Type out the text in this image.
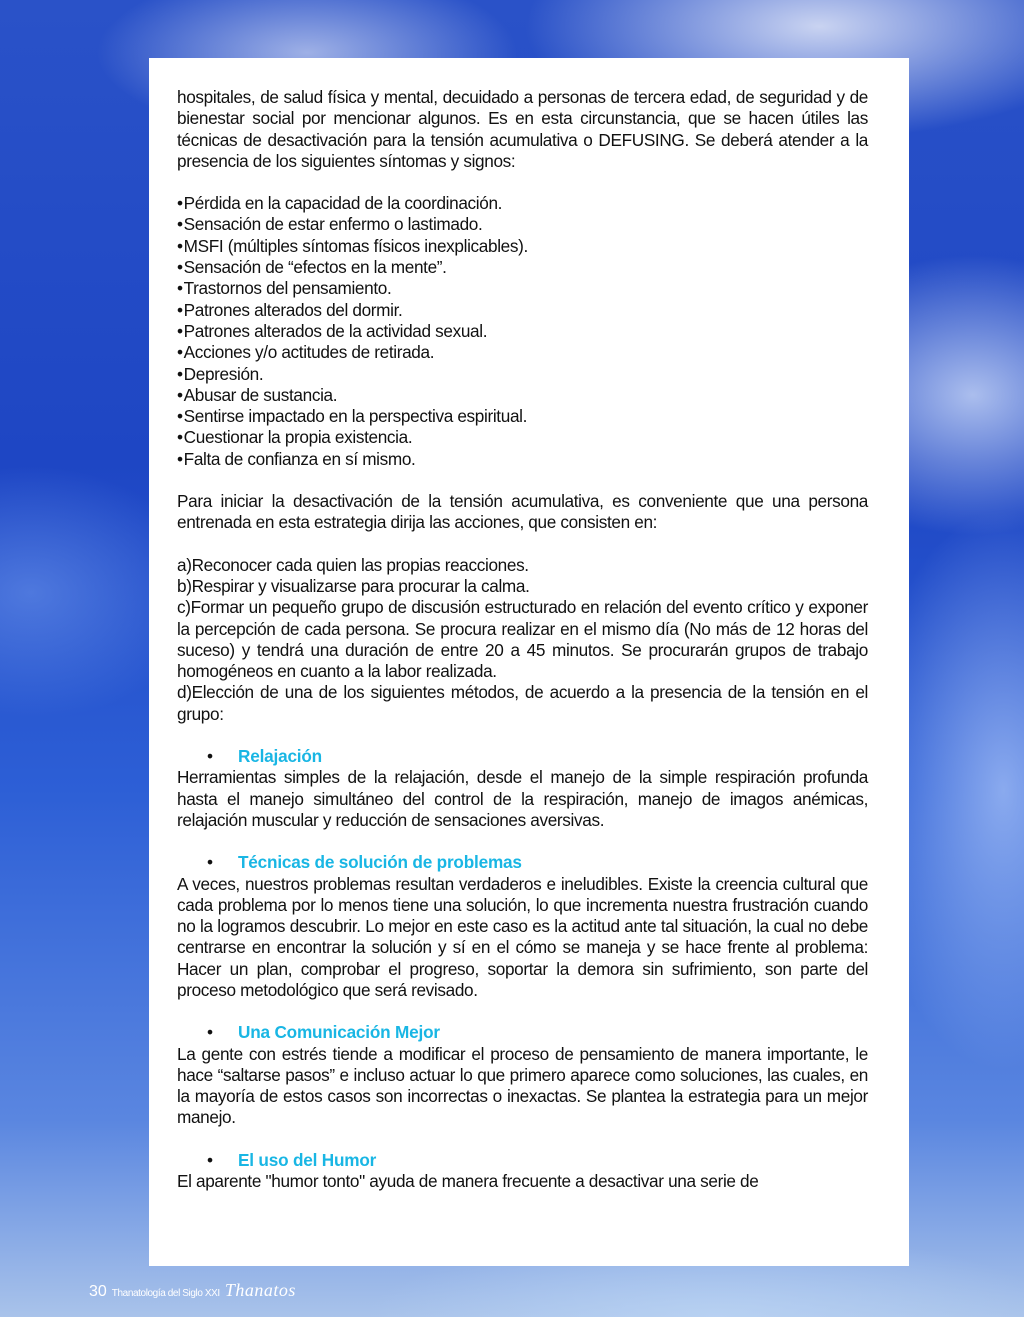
hospitales, de salud física y mental, decuidado a personas de tercera edad, de seguridad y de bienestar social por mencionar algunos. Es en esta circunstancia, que se hacen útiles las técnicas de desactivación para la tensión acumulativa o DEFUSING. Se deberá atender a la presencia de los siguientes síntomas y signos:

• Pérdida en la capacidad de la coordinación.
• Sensación de estar enfermo o lastimado.
• MSFI (múltiples síntomas físicos inexplicables).
• Sensación de “efectos en la mente”.
• Trastornos del pensamiento.
• Patrones alterados del dormir.
• Patrones alterados de la actividad sexual.
• Acciones y/o actitudes de retirada.
• Depresión.
• Abusar de sustancia.
• Sentirse impactado en la perspectiva espiritual.
• Cuestionar la propia existencia.
• Falta de confianza en sí mismo.

Para iniciar la desactivación de la tensión acumulativa, es conveniente que una persona entrenada en esta estrategia dirija las acciones, que consisten en:

a)Reconocer cada quien las propias reacciones.

b)Respirar y visualizarse para procurar la calma.

c)Formar un pequeño grupo de discusión estructurado en relación del evento crítico y exponer la percepción de cada persona. Se procura realizar en el mismo día (No más de 12 horas del suceso) y tendrá una duración de entre 20 a 45 minutos. Se procurarán grupos de trabajo homogéneos en cuanto a la labor realizada.

d)Elección de una de los siguientes métodos, de acuerdo a la presencia de la tensión en el grupo:

• Relajación

Herramientas simples de la relajación, desde el manejo de la simple respiración profunda hasta el manejo simultáneo del control de la respiración, manejo de imagos anémicas, relajación muscular y reducción de sensaciones aversivas.

• Técnicas de solución de problemas

A veces, nuestros problemas resultan verdaderos e ineludibles. Existe la creencia cultural que cada problema por lo menos tiene una solución, lo que incrementa nuestra frustración cuando no la logramos descubrir. Lo mejor en este caso es la actitud ante tal situación, la cual no debe centrarse en encontrar la solución y sí en el cómo se maneja y se hace frente al problema: Hacer un plan, comprobar el progreso, soportar la demora sin sufrimiento, son parte del proceso metodológico que será revisado.

• Una Comunicación Mejor

La gente con estrés tiende a modificar el proceso de pensamiento de manera importante, le hace “saltarse pasos” e incluso actuar lo que primero aparece como soluciones, las cuales, en la mayoría de estos casos son incorrectas o inexactas. Se plantea la estrategia para un mejor manejo.

• El uso del Humor

El aparente "humor tonto" ayuda de manera frecuente a desactivar una serie de

30 Thanatología del Siglo XXI Thanatos
